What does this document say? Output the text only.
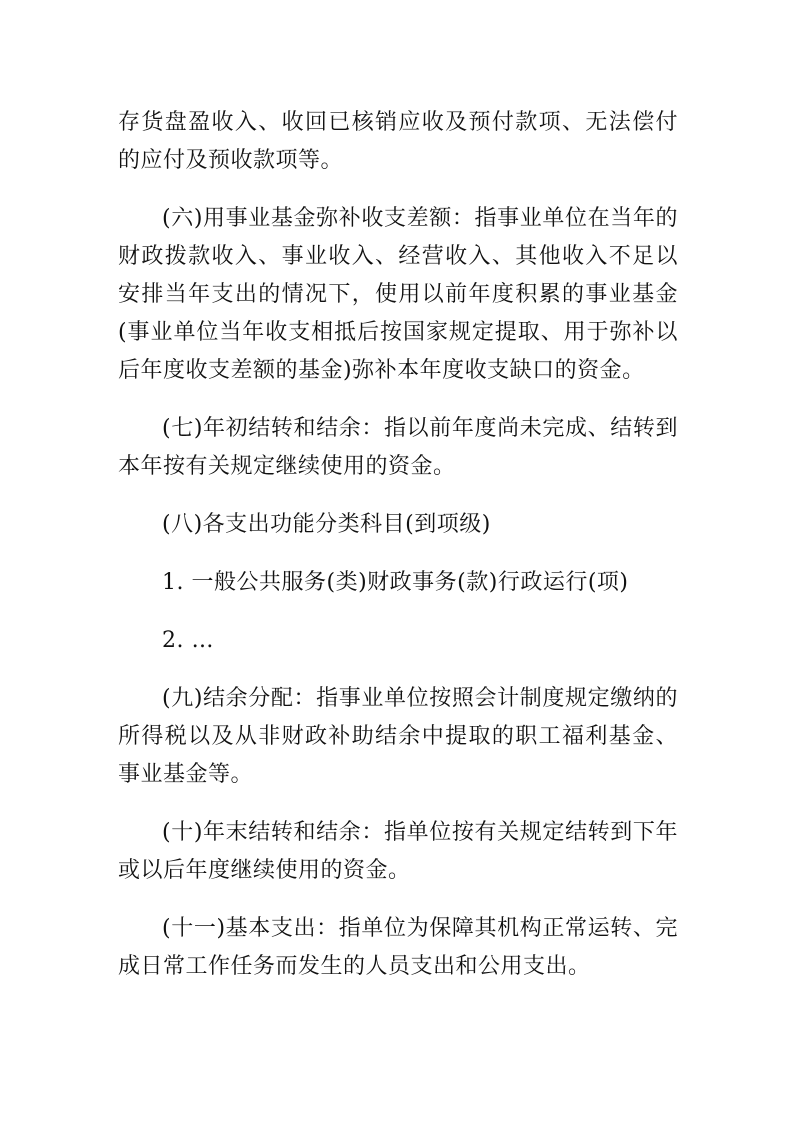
存货盘盈收入、收回已核销应收及预付款项、无法偿付的应付及预收款项等。

(六)用事业基金弥补收支差额：指事业单位在当年的财政拨款收入、事业收入、经营收入、其他收入不足以安排当年支出的情况下，使用以前年度积累的事业基金(事业单位当年收支相抵后按国家规定提取、用于弥补以后年度收支差额的基金)弥补本年度收支缺口的资金。

(七)年初结转和结余：指以前年度尚未完成、结转到本年按有关规定继续使用的资金。

(八)各支出功能分类科目(到项级)

1. 一般公共服务(类)财政事务(款)行政运行(项)

2. …

(九)结余分配：指事业单位按照会计制度规定缴纳的所得税以及从非财政补助结余中提取的职工福利基金、事业基金等。

(十)年末结转和结余：指单位按有关规定结转到下年或以后年度继续使用的资金。

(十一)基本支出：指单位为保障其机构正常运转、完成日常工作任务而发生的人员支出和公用支出。
